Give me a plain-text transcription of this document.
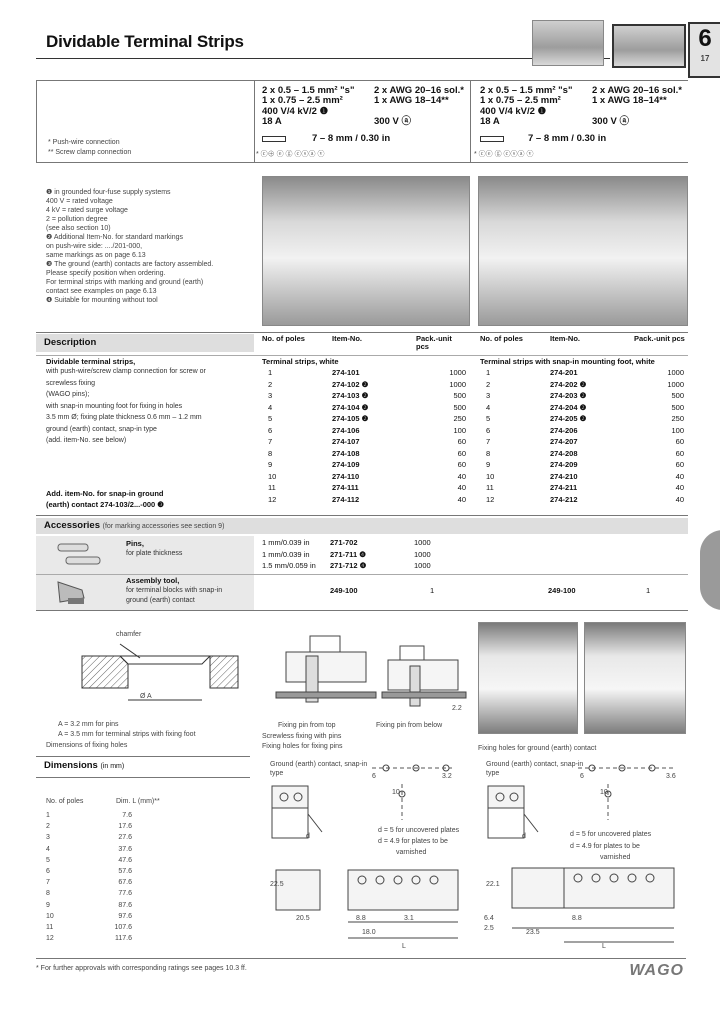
Dividable Terminal Strips	6
17
* Push-wire connection
** Screw clamp connection
2 x 0.5 – 1.5 mm² "s" 2 x AWG 20–16 sol.*
1 x 0.75 – 2.5 mm²	1 x AWG 18–14**
400 V/4 kV/2 ❶
300 V ⓐ
18 A
7 – 8 mm / 0.30 in
* ⓒ⊕ ⓔ ⓖ ⓒⓢⓐ ⓥ
2 x 0.5 – 1.5 mm² "s" 2 x AWG 20–16 sol.*
1 x 0.75 – 2.5 mm²	1 x AWG 18–14**
400 V/4 kV/2 ❶
300 V ⓐ
18 A
7 – 8 mm / 0.30 in
* ⓒⓔ ⓖ ⓒⓢⓐ ⓥ
❶ in grounded four-fuse supply systems
400 V = rated voltage
4 kV = rated surge voltage
2 = pollution degree
(see also section 10)
❷ Additional Item-No. for standard markings
on push-wire side: ..../201-000,
same markings as on page 6.13
❸ The ground (earth) contacts are factory assembled.
Please specify position when ordering.
For terminal strips with marking and ground (earth)
contact see examples on page 6.13
❹ Suitable for mounting without tool
Description	No. of poles	Item-No.	Pack.-unit pcs
No. of poles	Item-No.	Pack.-unit pcs
Terminal strips, white	Terminal strips with snap-in mounting foot, white
Dividable terminal strips,
with push-wire/screw clamp connection for screw or
screwless fixing
(WAGO pins);
with snap-in mounting foot for fixing in holes
3.5 mm Ø; fixing plate thickness 0.6 mm – 1.2 mm
ground (earth) contact, snap-in type
(add. item-No. see below)
Add. item-No. for snap-in ground
(earth) contact 274-103/2...-000 ❸
1	274-101	1000
2	274-102 ❷	1000
3	274-103 ❷	500
4	274-104 ❷	500
5	274-105 ❷	250
6	274-106	100
7	274-107	60
8	274-108	60
9	274-109	60
10	274-110	40
11	274-111	40
12	274-112	40
1	274-201	1000
2	274-202 ❷	1000
3	274-203 ❷	500
4	274-204 ❷	500
5	274-205 ❷	250
6	274-206	100
7	274-207	60
8	274-208	60
9	274-209	60
10	274-210	40
11	274-211	40
12	274-212	40
Accessories (for marking accessories see section 9)
Pins,
for plate thickness
1 mm/0.039 in	271-702	1000
1 mm/0.039 in	271-711 ❹	1000
1.5 mm/0.059 in 271-712 ❹	1000
Assembly tool,
for terminal blocks with snap-in
ground (earth) contact
249-100	1	249-100	1
chamfer
Ø A
A = 3.2 mm for pins
A = 3.5 mm for terminal strips with fixing foot
Dimensions of fixing holes
2.2
Fixing pin from top	Fixing pin from below
Screwless fixing with pins
Fixing holes for fixing pins	Fixing holes for ground (earth) contact
Dimensions (in mm)
No. of poles	Dim. L (mm)**
1	7.6
2	17.6
3	27.6
4	37.6
5	47.6
6	57.6
7	67.6
8	77.6
9	87.6
10	97.6
11	107.6
12	117.6
Ground (earth) contact, snap-in type	6	3.2
10
d
d = 5 for uncovered plates
d = 4.9 for plates to be
varnished
22.5
20.5	8.8	3.1
18.0
L
Ground (earth) contact, snap-in type	6	3.6
10
d	d = 5 for uncovered plates
d = 4.9 for plates to be
varnished
22.1
6.4
2.5
23.5
8.8
L
* For further approvals with corresponding ratings see pages 10.3 ff.	WAGO
